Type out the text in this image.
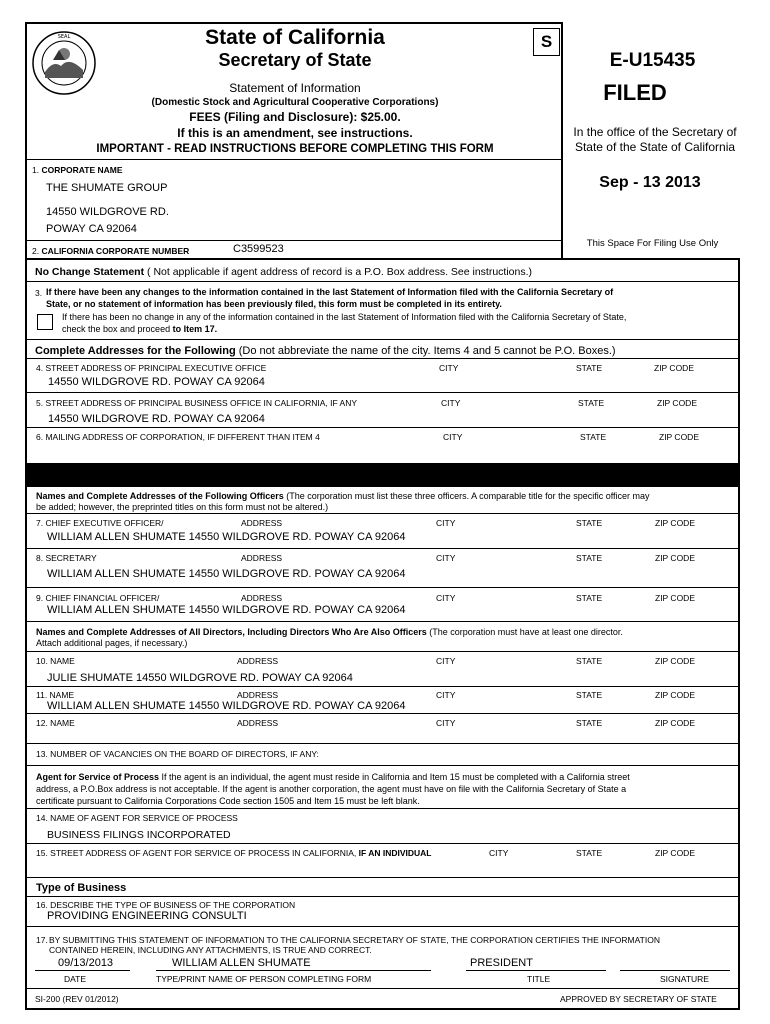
SEAL	State of California
Secretary of State
S
Statement of Information
(Domestic Stock and Agricultural Cooperative Corporations)
FEES (Filing and Disclosure): $25.00.
If this is an amendment, see instructions.
IMPORTANT - READ INSTRUCTIONS BEFORE COMPLETING THIS FORM
E-U15435
FILED
In the office of the Secretary of
State of the State of California
Sep - 13 2013
This Space For Filing Use Only
1. CORPORATE NAME
THE SHUMATE GROUP
14550 WILDGROVE RD.
POWAY CA 92064
2. CALIFORNIA CORPORATE NUMBER	C3599523
No Change Statement ( Not applicable if agent address of record is a P.O. Box address. See instructions.)
3. If there have been any changes to the information contained in the last Statement of Information filed with the California Secretary of
State, or no statement of information has been previously filed, this form must be completed in its entirety.
If there has been no change in any of the information contained in the last Statement of Information filed with the California Secretary of State,
check the box and proceed to Item 17.
Complete Addresses for the Following (Do not abbreviate the name of the city. Items 4 and 5 cannot be P.O. Boxes.)
4. STREET ADDRESS OF PRINCIPAL EXECUTIVE OFFICE	CITY	STATE	ZIP CODE
14550 WILDGROVE RD. POWAY CA 92064
5. STREET ADDRESS OF PRINCIPAL BUSINESS OFFICE IN CALIFORNIA, IF ANY	CITY	STATE	ZIP CODE
14550 WILDGROVE RD. POWAY CA 92064
6. MAILING ADDRESS OF CORPORATION, IF DIFFERENT THAN ITEM 4	CITY	STATE	ZIP CODE
Names and Complete Addresses of the Following Officers (The corporation must list these three officers. A comparable title for the specific officer may
be added; however, the preprinted titles on this form must not be altered.)
7. CHIEF EXECUTIVE OFFICER/	ADDRESS	CITY	STATE	ZIP CODE
WILLIAM ALLEN SHUMATE 14550 WILDGROVE RD. POWAY CA 92064
8. SECRETARY	ADDRESS	CITY	STATE	ZIP CODE
WILLIAM ALLEN SHUMATE 14550 WILDGROVE RD. POWAY CA 92064
9. CHIEF FINANCIAL OFFICER/	ADDRESS	CITY	STATE	ZIP CODE
WILLIAM ALLEN SHUMATE 14550 WILDGROVE RD. POWAY CA 92064
Names and Complete Addresses of All Directors, Including Directors Who Are Also Officers (The corporation must have at least one director.
Attach additional pages, if necessary.)
10. NAME	ADDRESS	CITY	STATE	ZIP CODE
JULIE SHUMATE 14550 WILDGROVE RD. POWAY CA 92064
11. NAME	ADDRESS	CITY	STATE	ZIP CODE
WILLIAM ALLEN SHUMATE 14550 WILDGROVE RD. POWAY CA 92064
12. NAME	ADDRESS	CITY	STATE	ZIP CODE
13. NUMBER OF VACANCIES ON THE BOARD OF DIRECTORS, IF ANY:
Agent for Service of Process If the agent is an individual, the agent must reside in California and Item 15 must be completed with a California street
address, a P.O.Box address is not acceptable. If the agent is another corporation, the agent must have on file with the California Secretary of State a
certificate pursuant to California Corporations Code section 1505 and Item 15 must be left blank.
14. NAME OF AGENT FOR SERVICE OF PROCESS
BUSINESS FILINGS INCORPORATED
15. STREET ADDRESS OF AGENT FOR SERVICE OF PROCESS IN CALIFORNIA, IF AN INDIVIDUAL	CITY	STATE	ZIP CODE
Type of Business
16. DESCRIBE THE TYPE OF BUSINESS OF THE CORPORATION
PROVIDING ENGINEERING CONSULTI
17. BY SUBMITTING THIS STATEMENT OF INFORMATION TO THE CALIFORNIA SECRETARY OF STATE, THE CORPORATION CERTIFIES THE INFORMATION
CONTAINED HEREIN, INCLUDING ANY ATTACHMENTS, IS TRUE AND CORRECT.
09/13/2013	WILLIAM ALLEN SHUMATE	PRESIDENT
DATE	TYPE/PRINT NAME OF PERSON COMPLETING FORM	TITLE	SIGNATURE
SI-200 (REV 01/2012)	APPROVED BY SECRETARY OF STATE
